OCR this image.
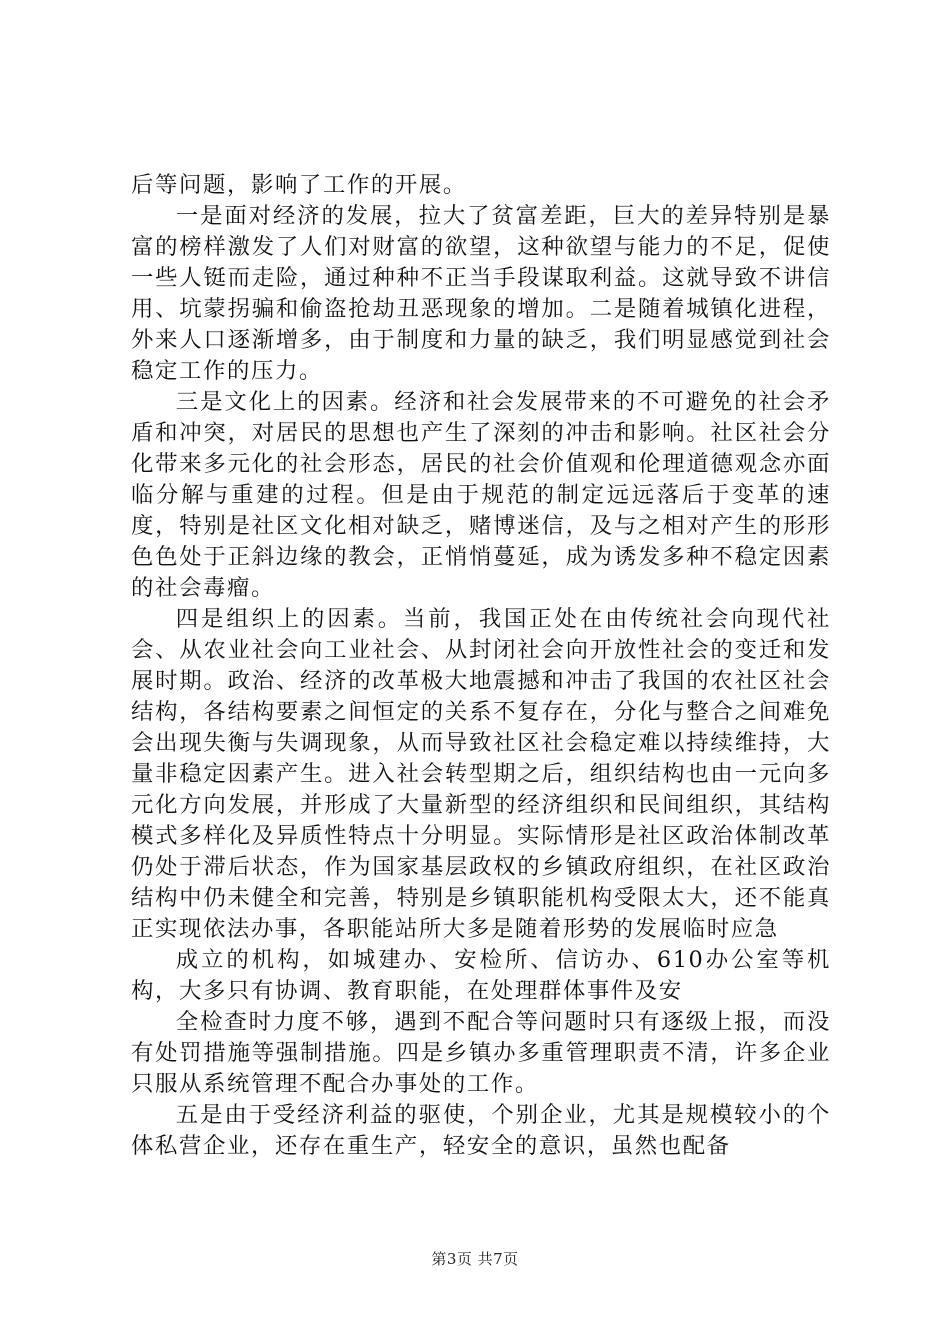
后等问题，影响了工作的开展。

一是面对经济的发展，拉大了贫富差距，巨大的差异特别是暴富的榜样激发了人们对财富的欲望，这种欲望与能力的不足，促使一些人铤而走险，通过种种不正当手段谋取利益。这就导致不讲信用、坑蒙拐骗和偷盗抢劫丑恶现象的增加。二是随着城镇化进程，外来人口逐渐增多，由于制度和力量的缺乏，我们明显感觉到社会稳定工作的压力。

三是文化上的因素。经济和社会发展带来的不可避免的社会矛盾和冲突，对居民的思想也产生了深刻的冲击和影响。社区社会分化带来多元化的社会形态，居民的社会价值观和伦理道德观念亦面临分解与重建的过程。但是由于规范的制定远远落后于变革的速度，特别是社区文化相对缺乏，赌博迷信，及与之相对产生的形形色色处于正斜边缘的教会，正悄悄蔓延，成为诱发多种不稳定因素的社会毒瘤。

四是组织上的因素。当前，我国正处在由传统社会向现代社会、从农业社会向工业社会、从封闭社会向开放性社会的变迁和发展时期。政治、经济的改革极大地震撼和冲击了我国的农社区社会结构，各结构要素之间恒定的关系不复存在，分化与整合之间难免会出现失衡与失调现象，从而导致社区社会稳定难以持续维持，大量非稳定因素产生。进入社会转型期之后，组织结构也由一元向多元化方向发展，并形成了大量新型的经济组织和民间组织，其结构模式多样化及异质性特点十分明显。实际情形是社区政治体制改革仍处于滞后状态，作为国家基层政权的乡镇政府组织，在社区政治结构中仍未健全和完善，特别是乡镇职能机构受限太大，还不能真正实现依法办事，各职能站所大多是随着形势的发展临时应急

成立的机构，如城建办、安检所、信访办、610办公室等机构，大多只有协调、教育职能，在处理群体事件及安

全检查时力度不够，遇到不配合等问题时只有逐级上报，而没有处罚措施等强制措施。四是乡镇办多重管理职责不清，许多企业只服从系统管理不配合办事处的工作。

五是由于受经济利益的驱使，个别企业，尤其是规模较小的个体私营企业，还存在重生产，轻安全的意识，虽然也配备

第3页 共7页
